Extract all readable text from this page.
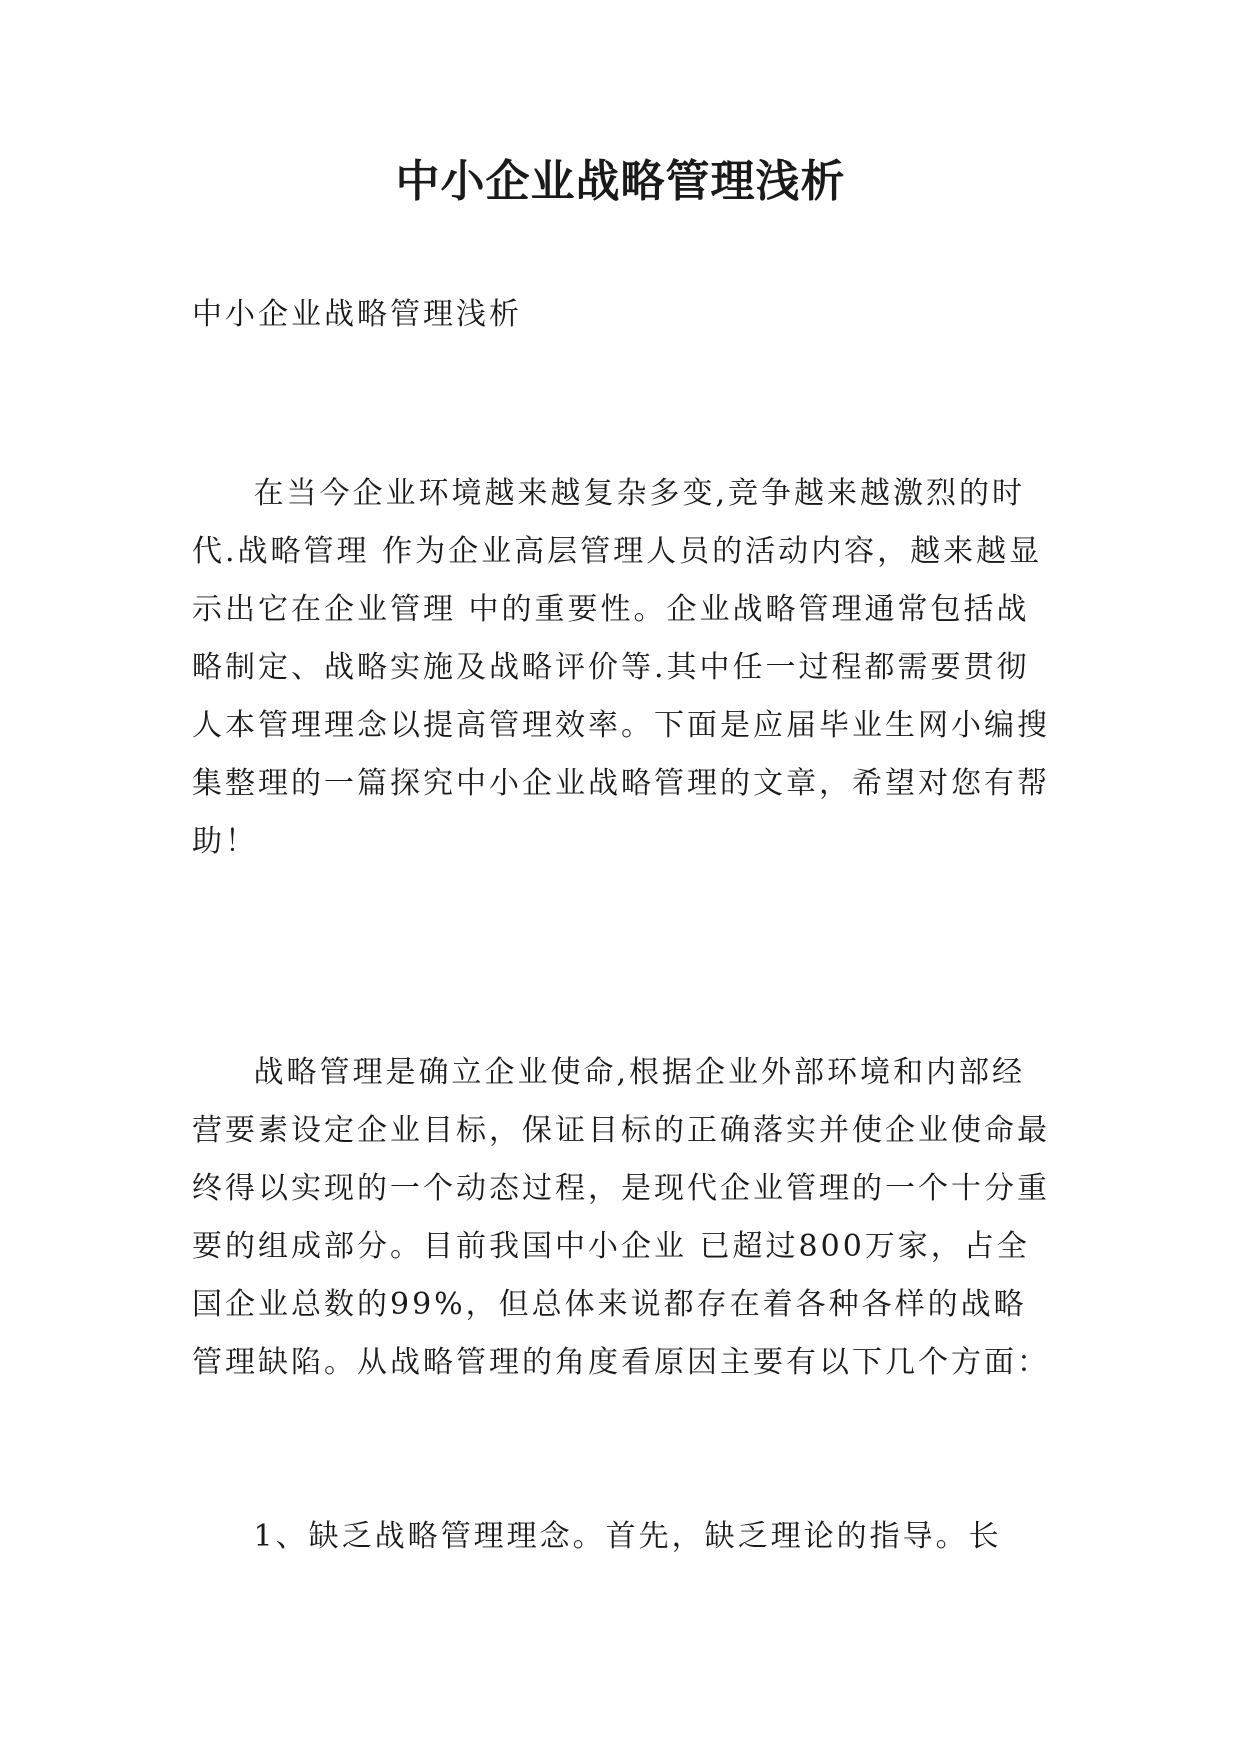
中小企业战略管理浅析

中小企业战略管理浅析

在当今企业环境越来越复杂多变,竞争越来越激烈的时代.战略管理 作为企业高层管理人员的活动内容，越来越显示出它在企业管理 中的重要性。企业战略管理通常包括战略制定、战略实施及战略评价等.其中任一过程都需要贯彻人本管理理念以提高管理效率。下面是应届毕业生网小编搜集整理的一篇探究中小企业战略管理的文章，希望对您有帮助！

战略管理是确立企业使命,根据企业外部环境和内部经营要素设定企业目标，保证目标的正确落实并使企业使命最终得以实现的一个动态过程，是现代企业管理的一个十分重要的组成部分。目前我国中小企业 已超过800万家，占全国企业总数的99%，但总体来说都存在着各种各样的战略管理缺陷。从战略管理的角度看原因主要有以下几个方面：

1、缺乏战略管理理念。首先，缺乏理论的指导。长
